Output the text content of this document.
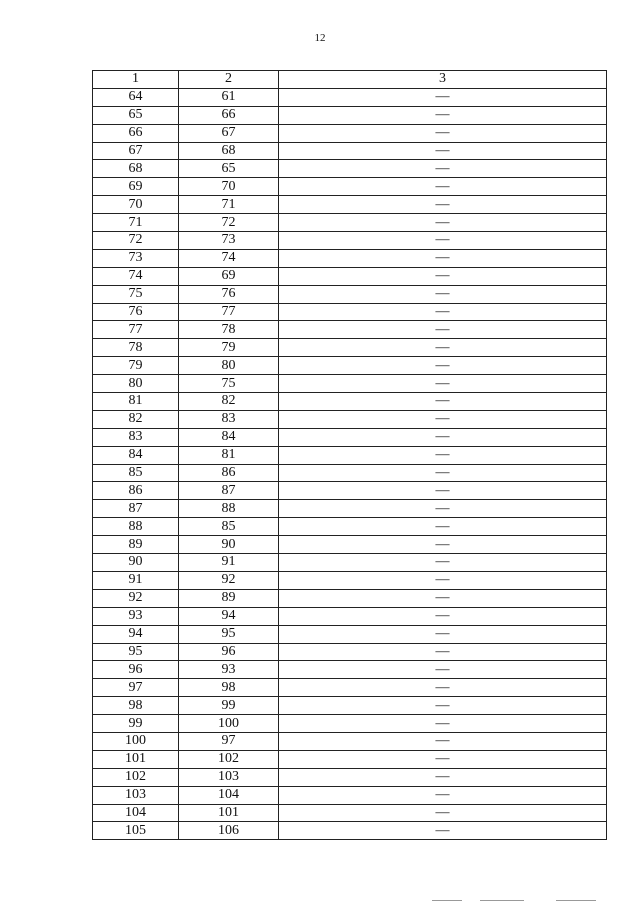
12
1	2	3
64	61	—
65	66	—
66	67	—
67	68	—
68	65	—
69	70	—
70	71	—
71	72	—
72	73	—
73	74	—
74	69	—
75	76	—
76	77	—
77	78	—
78	79	—
79	80	—
80	75	—
81	82	—
82	83	—
83	84	—
84	81	—
85	86	—
86	87	—
87	88	—
88	85	—
89	90	—
90	91	—
91	92	—
92	89	—
93	94	—
94	95	—
95	96	—
96	93	—
97	98	—
98	99	—
99	100	—
100	97	—
101	102	—
102	103	—
103	104	—
104	101	—
105	106	—
